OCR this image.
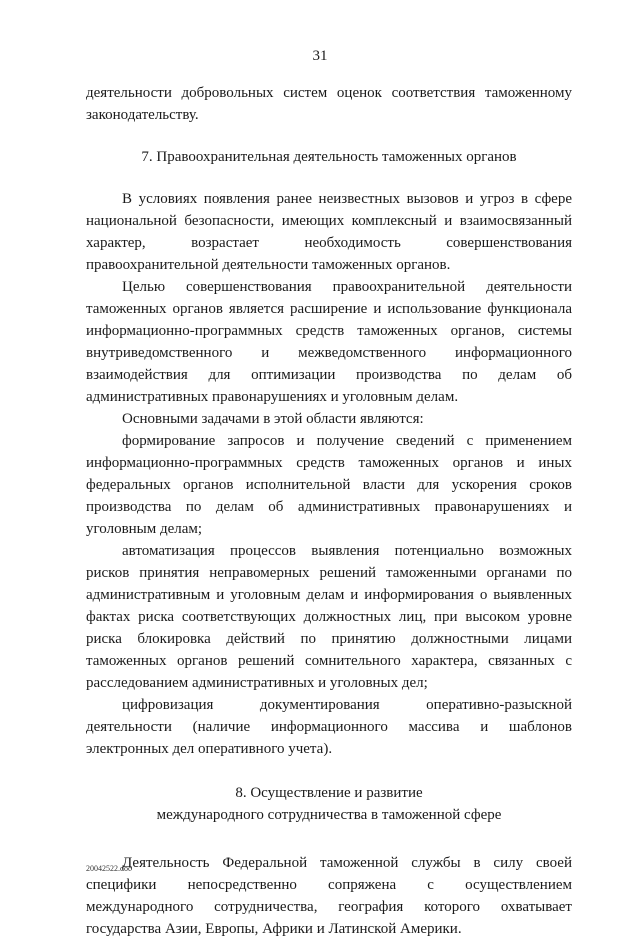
31

деятельности добровольных систем оценок соответствия таможенному законодательству.

7. Правоохранительная деятельность таможенных органов

В условиях появления ранее неизвестных вызовов и угроз в сфере национальной безопасности, имеющих комплексный и взаимосвязанный характер, возрастает необходимость совершенствования правоохранительной деятельности таможенных органов.

Целью совершенствования правоохранительной деятельности таможенных органов является расширение и использование функционала информационно-программных средств таможенных органов, системы внутриведомственного и межведомственного информационного взаимодействия для оптимизации производства по делам об административных правонарушениях и уголовным делам.

Основными задачами в этой области являются:

формирование запросов и получение сведений с применением информационно-программных средств таможенных органов и иных федеральных органов исполнительной власти для ускорения сроков производства по делам об административных правонарушениях и уголовным делам;

автоматизация процессов выявления потенциально возможных рисков принятия неправомерных решений таможенными органами по административным и уголовным делам и информирования о выявленных фактах риска соответствующих должностных лиц, при высоком уровне риска блокировка действий по принятию должностными лицами таможенных органов решений сомнительного характера, связанных с расследованием административных и уголовных дел;

цифровизация документирования оперативно-разыскной деятельности (наличие информационного массива и шаблонов электронных дел оперативного учета).

8. Осуществление и развитие

международного сотрудничества в таможенной сфере

Деятельность Федеральной таможенной службы в силу своей специфики непосредственно сопряжена с осуществлением международного сотрудничества, география которого охватывает государства Азии, Европы, Африки и Латинской Америки.

20042522.doc
